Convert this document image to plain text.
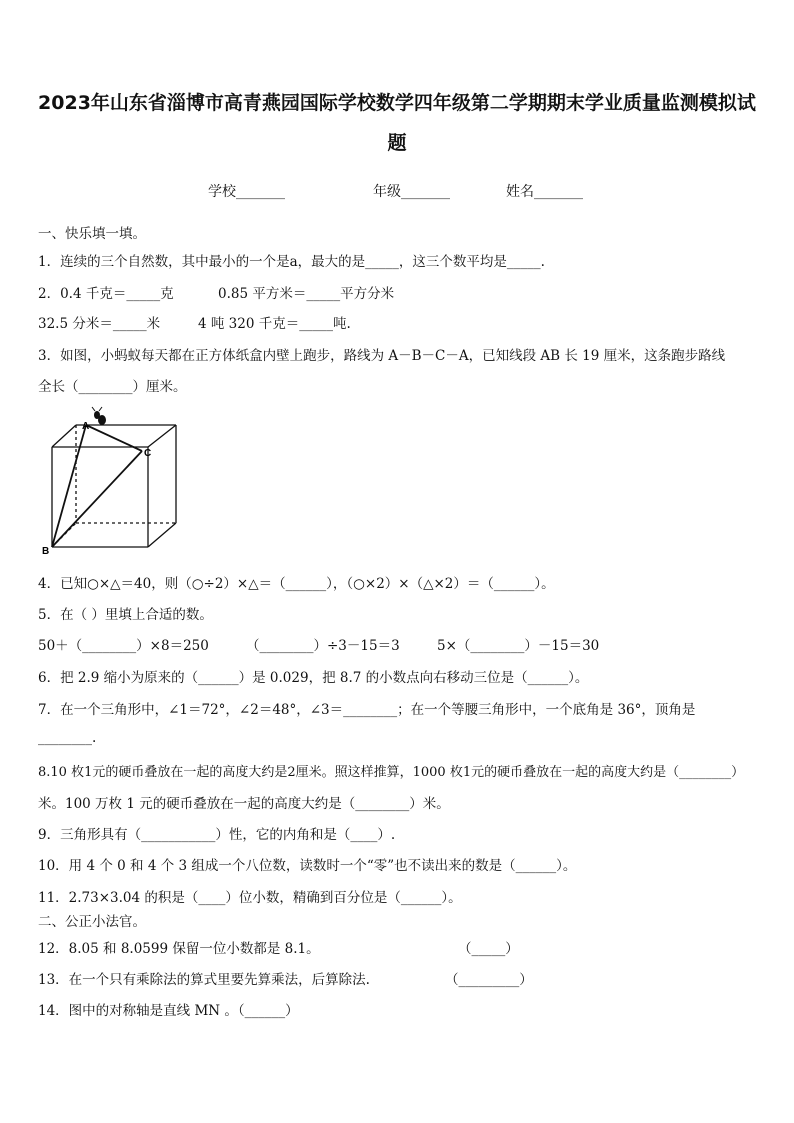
2023年山东省淄博市高青燕园国际学校数学四年级第二学期期末学业质量监测模拟试
题
学校_______	年级_______	姓名_______
一、快乐填一填。
1．连续的三个自然数，其中最小的一个是a，最大的是_____，这三个数平均是_____.
2．0.4 千克＝_____克	0.85 平方米＝_____平方分米
32.5 分米＝_____米	4 吨 320 千克＝_____吨.
3．如图，小蚂蚁每天都在正方体纸盒内壁上跑步，路线为 A－B－C－A，已知线段 AB 长 19 厘米，这条跑步路线
全长（________）厘米。
A
B
C
4．已知○×△＝40，则（○÷2）×△＝（______），（○×2）×（△×2）＝（______）。
5．在（ ）里填上合适的数。
50＋（________）×8＝250	（________）÷3－15＝3	5×（________）－15＝30
6．把 2.9 缩小为原来的（______）是 0.029，把 8.7 的小数点向右移动三位是（______）。
7．在一个三角形中，∠1＝72°，∠2＝48°，∠3＝________；在一个等腰三角形中，一个底角是 36°，顶角是
________.
8.10 枚1元的硬币叠放在一起的高度大约是2厘米。照这样推算，1000 枚1元的硬币叠放在一起的高度大约是（________）
米。100 万枚 1 元的硬币叠放在一起的高度大约是（________）米。
9．三角形具有（___________）性，它的内角和是（____）.
10．用 4 个 0 和 4 个 3 组成一个八位数，读数时一个“零”也不读出来的数是（______）。
11．2.73×3.04 的积是（____）位小数，精确到百分位是（______）。
二、公正小法官。
12．8.05 和 8.0599 保留一位小数都是 8.1。	（_____）
13．在一个只有乘除法的算式里要先算乘法，后算除法.	（_________）
14．图中的对称轴是直线 MN 。（______）
